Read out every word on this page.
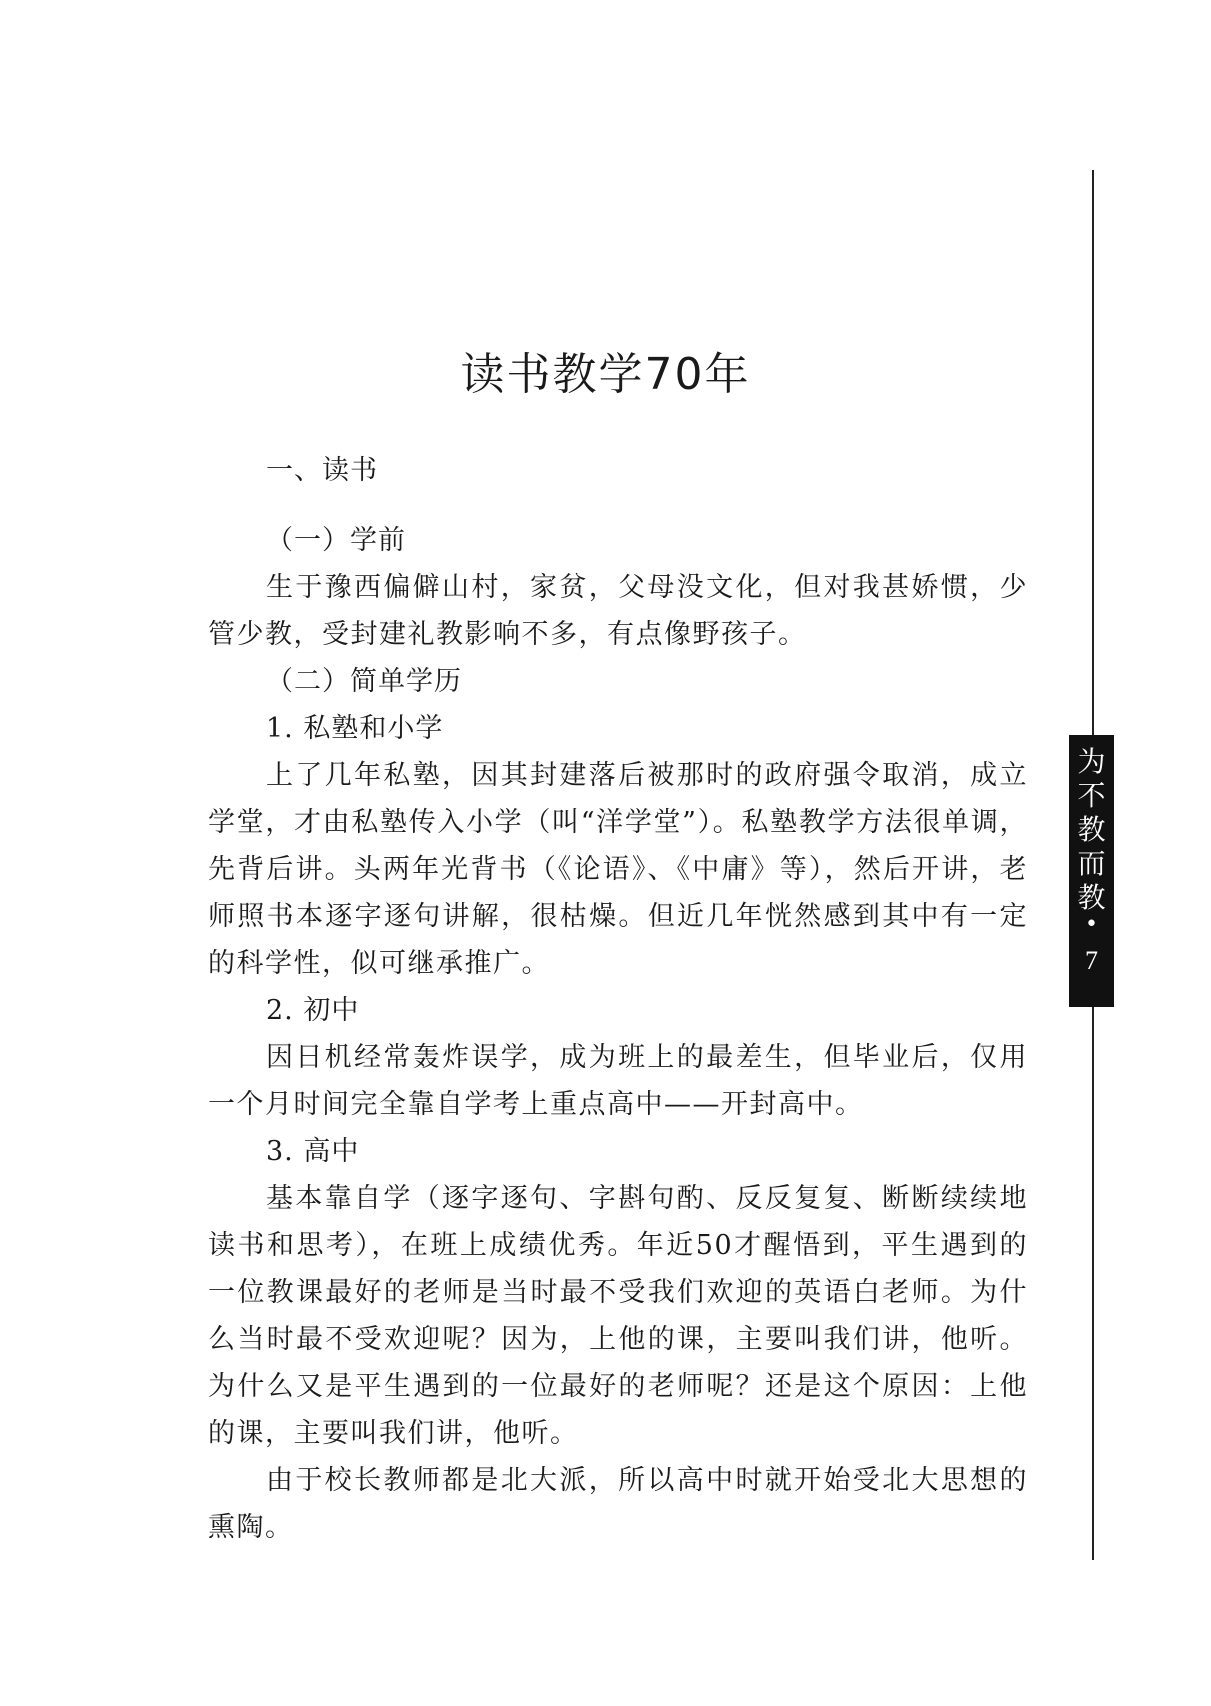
为
不
教
而
教
•
7
读书教学70年

一、读书

（一）学前

生于豫西偏僻山村，家贫，父母没文化，但对我甚娇惯，少管少教，受封建礼教影响不多，有点像野孩子。

（二）简单学历

1. 私塾和小学

上了几年私塾，因其封建落后被那时的政府强令取消，成立学堂，才由私塾传入小学（叫“洋学堂”）。私塾教学方法很单调，先背后讲。头两年光背书（《论语》、《中庸》等），然后开讲，老师照书本逐字逐句讲解，很枯燥。但近几年恍然感到其中有一定的科学性，似可继承推广。

2. 初中

因日机经常轰炸误学，成为班上的最差生，但毕业后，仅用一个月时间完全靠自学考上重点高中——开封高中。

3. 高中

基本靠自学（逐字逐句、字斟句酌、反反复复、断断续续地读书和思考），在班上成绩优秀。年近50才醒悟到，平生遇到的一位教课最好的老师是当时最不受我们欢迎的英语白老师。为什么当时最不受欢迎呢？因为，上他的课，主要叫我们讲，他听。为什么又是平生遇到的一位最好的老师呢？还是这个原因：上他的课，主要叫我们讲，他听。

由于校长教师都是北大派，所以高中时就开始受北大思想的熏陶。
